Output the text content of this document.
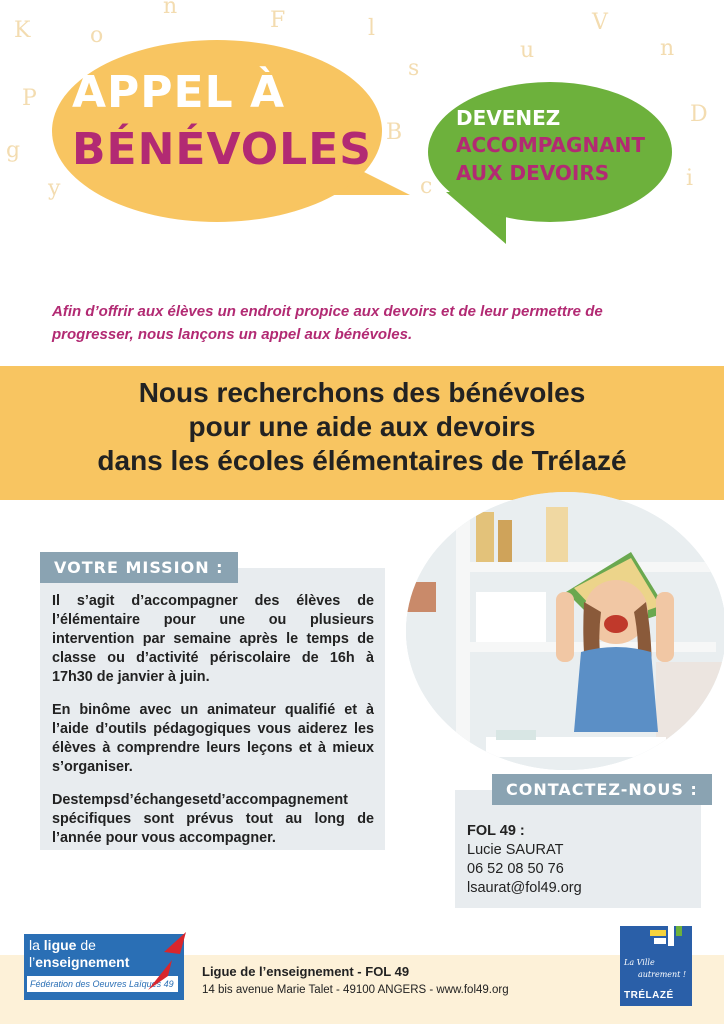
K	o
n
F	l	V
u	n
P
s
B
D
g
y	c	i
APPEL À
BÉNÉVOLES
DEVENEZ
ACCOMPAGNANT
AUX DEVOIRS
Afin d’offrir aux élèves un endroit propice aux devoirs et de leur permettre de
progresser, nous lançons un appel aux bénévoles.
Nous recherchons des bénévoles
pour une aide aux devoirs
dans les écoles élémentaires de Trélazé
VOTRE MISSION :

Il s’agit d’accompagner des élèves de l’élémentaire pour une ou plusieurs intervention par semaine après le temps de classe ou d’activité périscolaire de 16h à 17h30 de janvier à juin.

En binôme avec un animateur qualifié et à l’aide d’outils pédagogiques vous aiderez les élèves à comprendre leurs leçons et à mieux s’organiser.

Destempsd’échangesetd’accompagnement spécifiques sont prévus tout au long de l’année pour vous accompagner.

CONTACTEZ-NOUS :
FOL 49 :
Lucie SAURAT
06 52 08 50 76
lsaurat@fol49.org
la ligue de
l’enseignement
Fédération des Oeuvres Laïques 49
Ligue de l’enseignement - FOL 49
14 bis avenue Marie Talet - 49100 ANGERS - www.fol49.org
La Ville
autrement !
TRÉLAZÉ
